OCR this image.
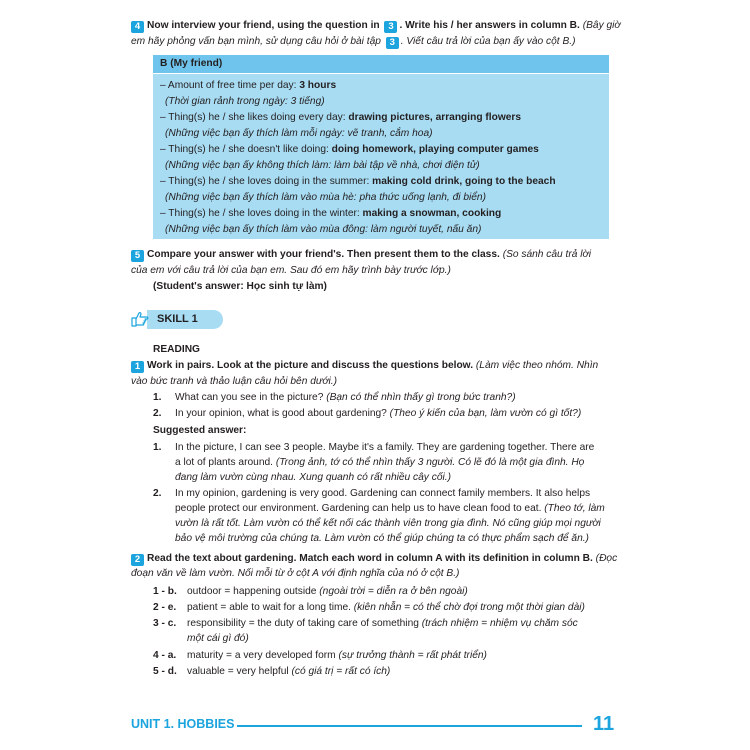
4 Now interview your friend, using the question in 3 . Write his / her answers in column B. (Bây giờ
em hãy phỏng vấn bạn mình, sử dụng câu hỏi ở bài tập 3 . Viết câu trả lời của bạn ấy vào cột B.)
B (My friend)
– Amount of free time per day: 3 hours
(Thời gian rảnh trong ngày: 3 tiếng)
– Thing(s) he / she likes doing every day: drawing pictures, arranging flowers
(Những việc bạn ấy thích làm mỗi ngày: vẽ tranh, cắm hoa)
– Thing(s) he / she doesn't like doing: doing homework, playing computer games
(Những việc bạn ấy không thích làm: làm bài tập về nhà, chơi điện tử)
– Thing(s) he / she loves doing in the summer: making cold drink, going to the beach
(Những việc bạn ấy thích làm vào mùa hè: pha thức uống lạnh, đi biển)
– Thing(s) he / she loves doing in the winter: making a snowman, cooking
(Những việc bạn ấy thích làm vào mùa đông: làm người tuyết, nấu ăn)
5 Compare your answer with your friend's. Then present them to the class. (So sánh câu trả lời
của em với câu trả lời của bạn em. Sau đó em hãy trình bày trước lớp.)
(Student's answer: Học sinh tự làm)
SKILL 1
READING
1 Work in pairs. Look at the picture and discuss the questions below. (Làm việc theo nhóm. Nhìn
vào bức tranh và thảo luận câu hỏi bên dưới.)
1. What can you see in the picture? (Bạn có thể nhìn thấy gì trong bức tranh?)
2. In your opinion, what is good about gardening? (Theo ý kiến của bạn, làm vườn có gì tốt?)
Suggested answer:
1. In the picture, I can see 3 people. Maybe it's a family. They are gardening together. There are
a lot of plants around. (Trong ảnh, tớ có thể nhìn thấy 3 người. Có lẽ đó là một gia đình. Họ
đang làm vườn cùng nhau. Xung quanh có rất nhiều cây cối.)
2. In my opinion, gardening is very good. Gardening can connect family members. It also helps
people protect our environment. Gardening can help us to have clean food to eat. (Theo tớ, làm
vườn là rất tốt. Làm vườn có thể kết nối các thành viên trong gia đình. Nó cũng giúp mọi người
bảo vệ môi trường của chúng ta. Làm vườn có thể giúp chúng ta có thực phẩm sạch để ăn.)
2 Read the text about gardening. Match each word in column A with its definition in column B. (Đọc
đoạn văn về làm vườn. Nối mỗi từ ở cột A với định nghĩa của nó ở cột B.)
1 - b. outdoor = happening outside (ngoài trời = diễn ra ở bên ngoài)
2 - e. patient = able to wait for a long time. (kiên nhẫn = có thể chờ đợi trong một thời gian dài)
3 - c. responsibility = the duty of taking care of something (trách nhiệm = nhiệm vụ chăm sóc
một cái gì đó)
4 - a. maturity = a very developed form (sự trưởng thành = rất phát triển)
5 - d. valuable = very helpful (có giá trị = rất có ích)
UNIT 1. HOBBIES	11
